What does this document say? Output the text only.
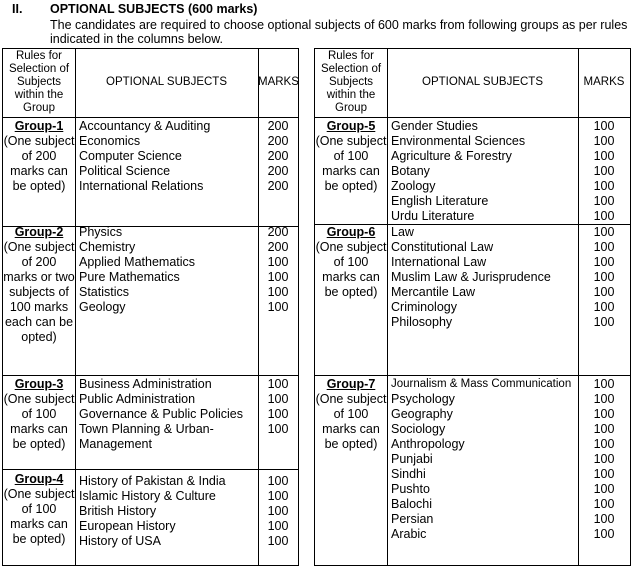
II. OPTIONAL SUBJECTS (600 marks)
The candidates are required to choose optional subjects of 600 marks from following groups as per rules indicated in the columns below.
Rules for Selection of Subjects within the Group
OPTIONAL SUBJECTS	MARKS
Group-1
(One subject of 200 marks can be opted)
Accountancy & Auditing
Economics
Computer Science
Political Science
International Relations
200
200
200
200
200
Group-2
(One subject of 200 marks or two subjects of 100 marks each can be opted)
Physics
Chemistry
Applied Mathematics
Pure Mathematics
Statistics
Geology
200
200
100
100
100
100
Group-3
(One subject of 100 marks can be opted)
Business Administration
Public Administration
Governance & Public Policies
Town Planning & Urban-Management
100
100
100
100
Group-4
(One subject of 100 marks can be opted)
History of Pakistan & India
Islamic History & Culture
British History
European History
History of USA
100
100
100
100
100
Rules for Selection of Subjects within the Group
OPTIONAL SUBJECTS	MARKS
Group-5
(One subject of 100 marks can be opted)
Gender Studies
Environmental Sciences
Agriculture & Forestry
Botany
Zoology
English Literature
Urdu Literature
100
100
100
100
100
100
100
Group-6
(One subject of 100 marks can be opted)
Law
Constitutional Law
International Law
Muslim Law & Jurisprudence
Mercantile Law
Criminology
Philosophy
100
100
100
100
100
100
100
Group-7
(One subject of 100 marks can be opted)
Journalism & Mass Communication
Psychology
Geography
Sociology
Anthropology
Punjabi
Sindhi
Pushto
Balochi
Persian
Arabic
100
100
100
100
100
100
100
100
100
100
100
